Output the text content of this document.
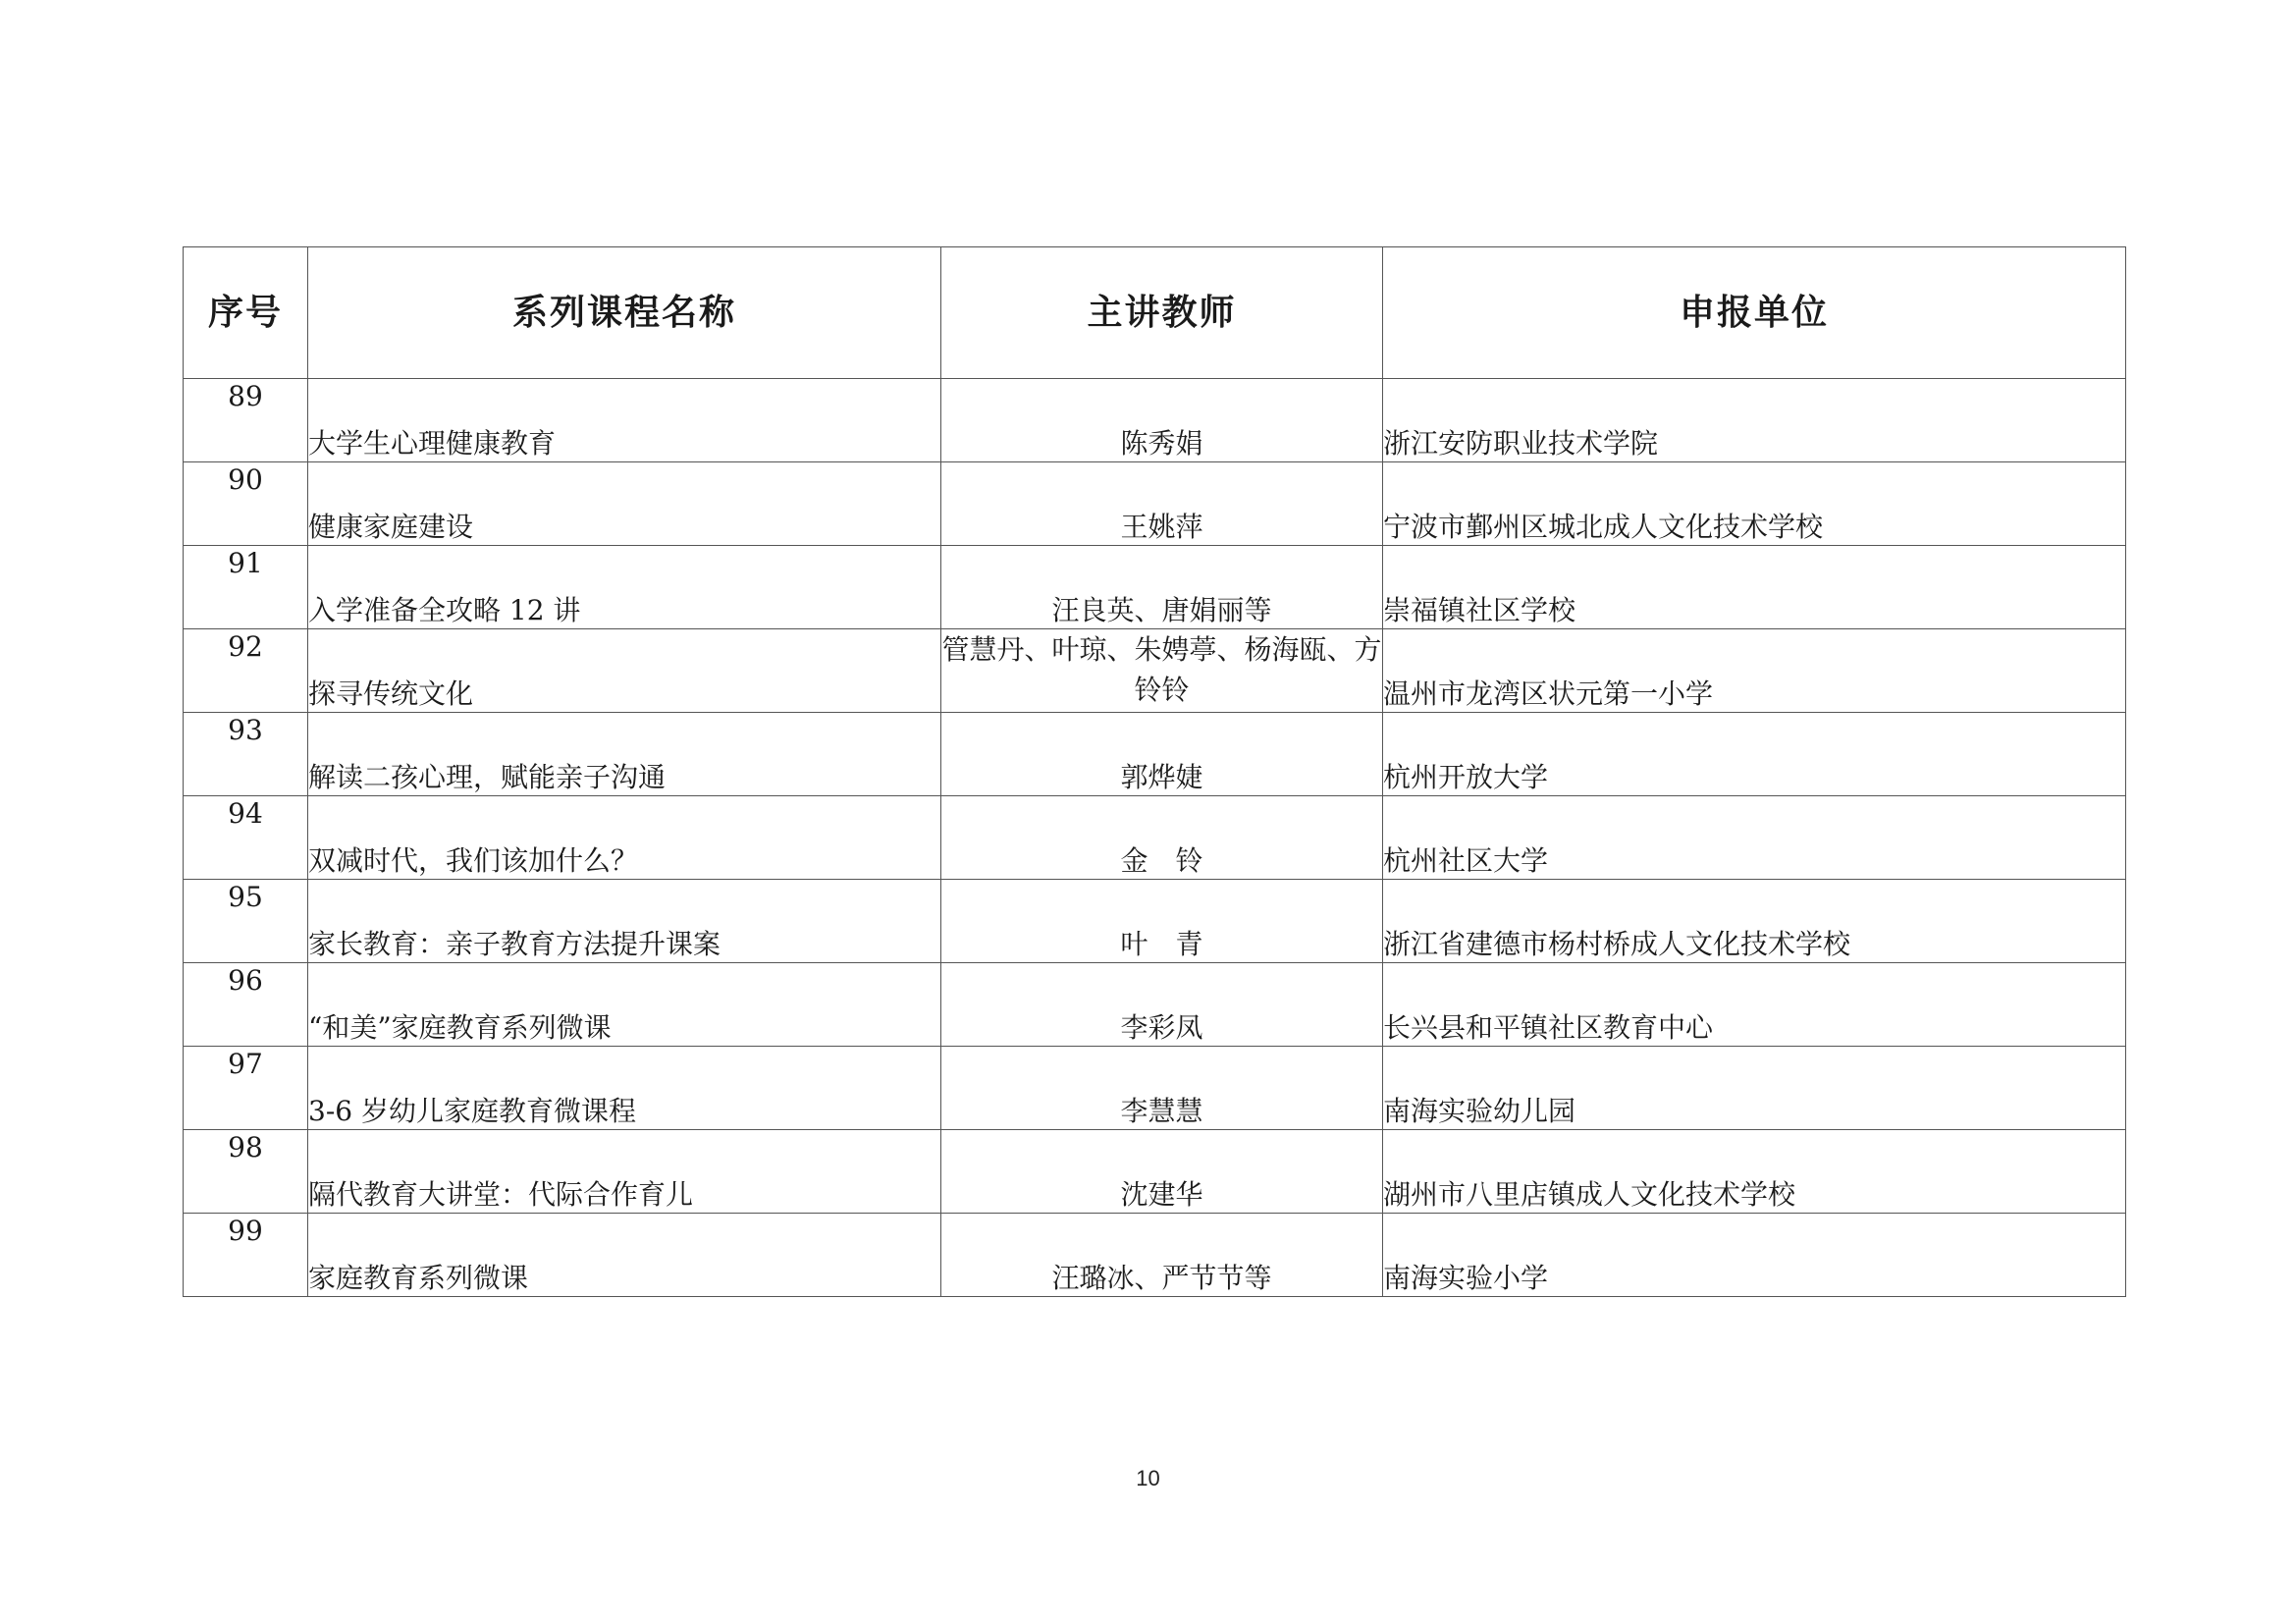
序号	系列课程名称	主讲教师	申报单位
89	大学生心理健康教育	陈秀娟	浙江安防职业技术学院
90	健康家庭建设	王姚萍	宁波市鄞州区城北成人文化技术学校
91	入学准备全攻略 12 讲	汪良英、唐娟丽等	崇福镇社区学校
92	探寻传统文化	管慧丹、叶琼、朱娉葶、杨海瓯、方铃铃	温州市龙湾区状元第一小学
93	解读二孩心理，赋能亲子沟通	郭烨婕	杭州开放大学
94	双减时代，我们该加什么？	金　铃	杭州社区大学
95	家长教育：亲子教育方法提升课案	叶　青	浙江省建德市杨村桥成人文化技术学校
96	“和美”家庭教育系列微课	李彩凤	长兴县和平镇社区教育中心
97	3-6 岁幼儿家庭教育微课程	李慧慧	南海实验幼儿园
98	隔代教育大讲堂：代际合作育儿	沈建华	湖州市八里店镇成人文化技术学校
99	家庭教育系列微课	汪璐冰、严节节等	南海实验小学
10
